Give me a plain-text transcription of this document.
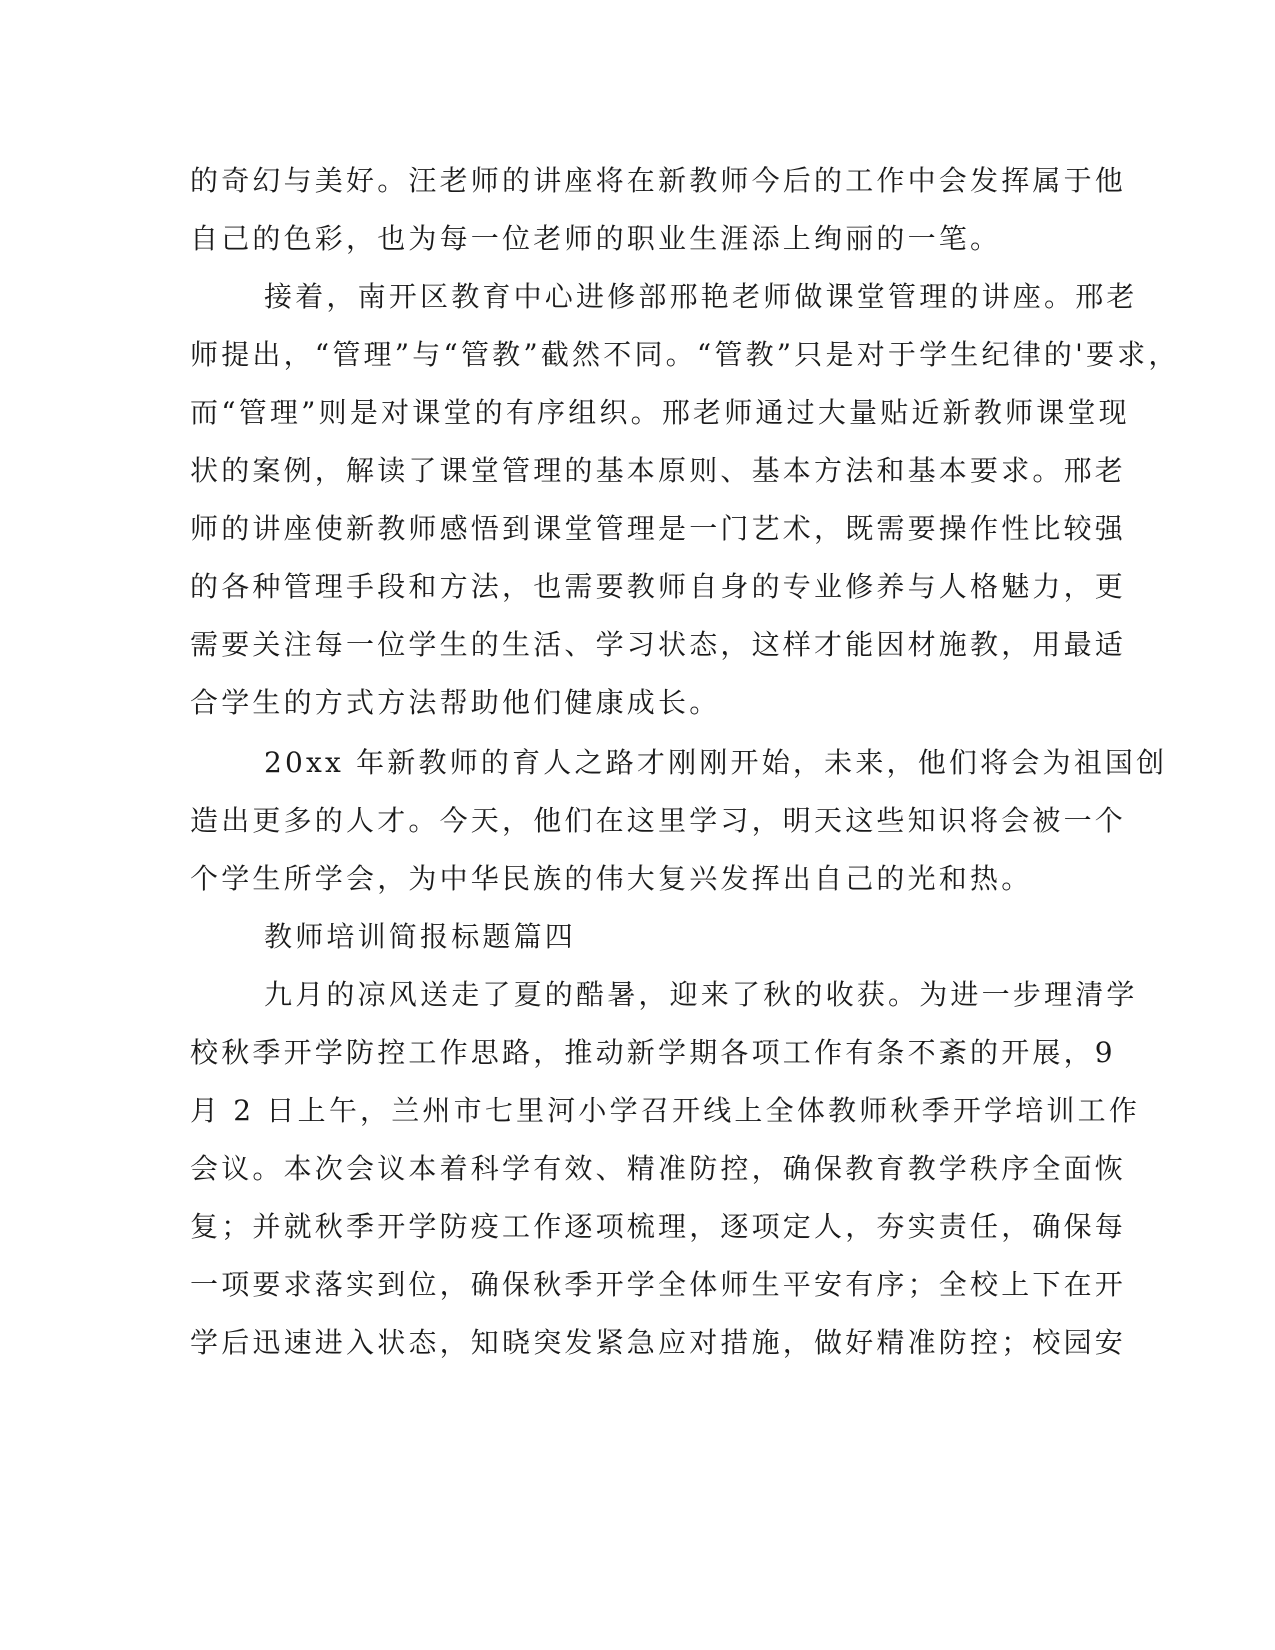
的奇幻与美好。汪老师的讲座将在新教师今后的工作中会发挥属于他
自己的色彩，也为每一位老师的职业生涯添上绚丽的一笔。
接着，南开区教育中心进修部邢艳老师做课堂管理的讲座。邢老
师提出，“管理”与“管教”截然不同。“管教”只是对于学生纪律的'要求，
而“管理”则是对课堂的有序组织。邢老师通过大量贴近新教师课堂现
状的案例，解读了课堂管理的基本原则、基本方法和基本要求。邢老
师的讲座使新教师感悟到课堂管理是一门艺术，既需要操作性比较强
的各种管理手段和方法，也需要教师自身的专业修养与人格魅力，更
需要关注每一位学生的生活、学习状态，这样才能因材施教，用最适
合学生的方式方法帮助他们健康成长。
20xx 年新教师的育人之路才刚刚开始，未来，他们将会为祖国创
造出更多的人才。今天，他们在这里学习，明天这些知识将会被一个
个学生所学会，为中华民族的伟大复兴发挥出自己的光和热。
教师培训简报标题篇四
九月的凉风送走了夏的酷暑，迎来了秋的收获。为进一步理清学
校秋季开学防控工作思路，推动新学期各项工作有条不紊的开展，9
月 2 日上午，兰州市七里河小学召开线上全体教师秋季开学培训工作
会议。本次会议本着科学有效、精准防控，确保教育教学秩序全面恢
复；并就秋季开学防疫工作逐项梳理，逐项定人，夯实责任，确保每
一项要求落实到位，确保秋季开学全体师生平安有序；全校上下在开
学后迅速进入状态，知晓突发紧急应对措施，做好精准防控；校园安
